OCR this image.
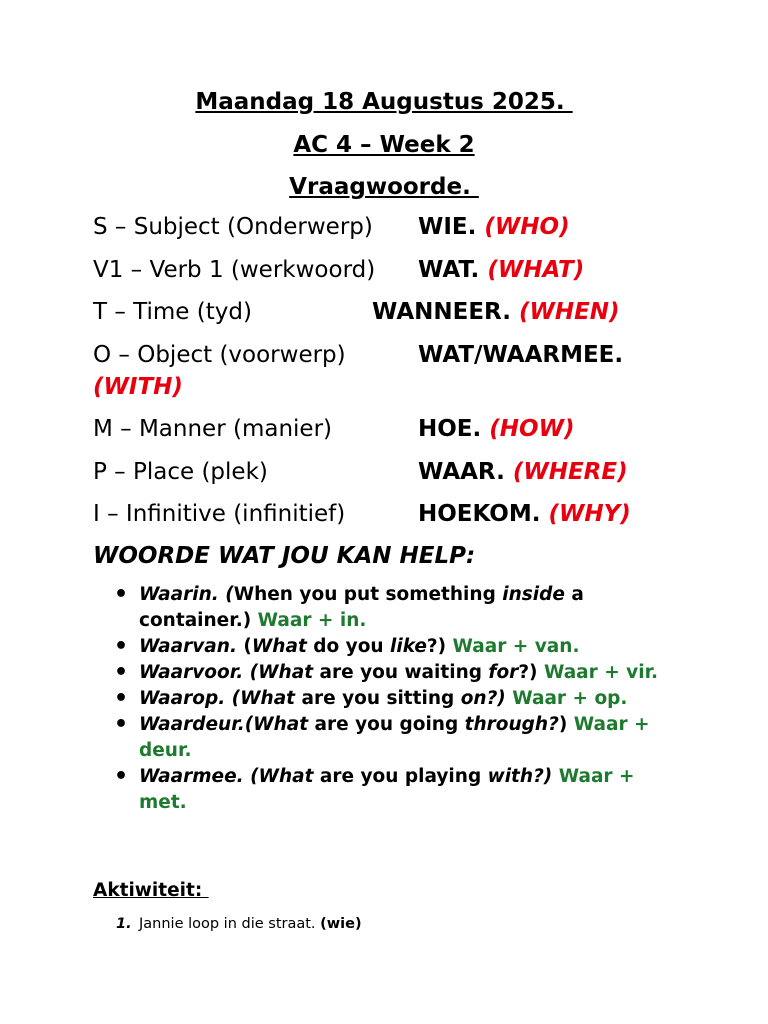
Maandag 18 Augustus 2025.
AC 4 – Week 2
Vraagwoorde.
S – Subject (Onderwerp) WIE. (WHO)
V1 – Verb 1 (werkwoord) WAT. (WHAT)
T – Time (tyd)	WANNEER. (WHEN)
O – Object (voorwerp)	WAT/WAARMEE.
(WITH)
M – Manner (manier)	HOE. (HOW)
P – Place (plek)	WAAR. (WHERE)
I – Infinitive (infinitief)	HOEKOM. (WHY)
WOORDE WAT JOU KAN HELP:
• Waarin. (When you put something inside a container.) Waar + in.
• Waarvan. (What do you like?) Waar + van.
• Waarvoor. (What are you waiting for?) Waar + vir.
• Waarop. (What are you sitting on?) Waar + op.
• Waardeur.(What are you going through?) Waar + deur.
• Waarmee. (What are you playing with?) Waar + met.
Aktiwiteit:
1. Jannie loop in die straat. (wie)
